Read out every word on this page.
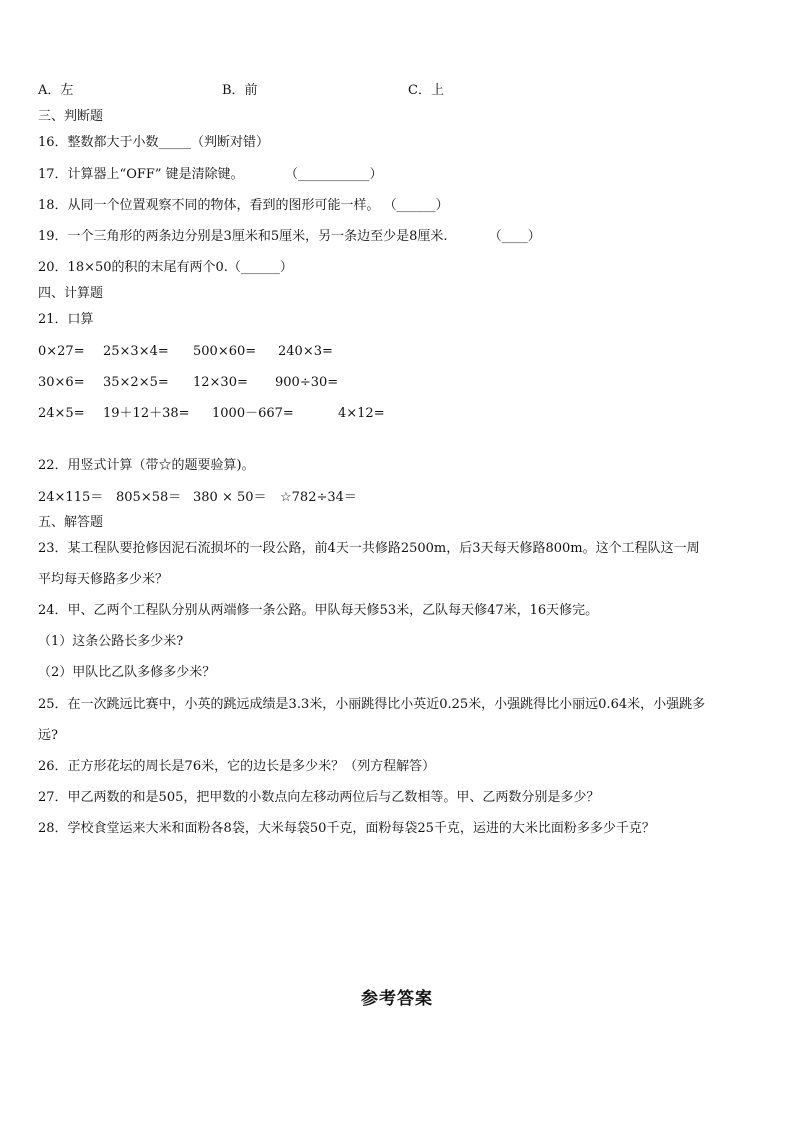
A．左	B．前	C．上
三、判断题
16．整数都大于小数_____（判断对错）
17．计算器上“OFF” 键是清除键。          （___________）
18．从同一个位置观察不同的物体，看到的图形可能一样。 （______）
19．一个三角形的两条边分别是3厘米和5厘米，另一条边至少是8厘米.          （____）
20．18×50的积的末尾有两个0.（______）
四、计算题
21．口算
0×27= 25×3×4= 500×60= 240×3=
30×6= 35×2×5= 12×30= 900÷30=
24×5= 19＋12＋38= 1000－667=	4×12=
22．用竖式计算（带☆的题要验算)。
24×115＝ 805×58＝ 380 × 50＝ ☆782÷34＝
五、解答题
23．某工程队要抢修因泥石流损坏的一段公路，前4天一共修路2500m，后3天每天修路800m。这个工程队这一周
平均每天修路多少米？
24．甲、乙两个工程队分别从两端修一条公路。甲队每天修53米，乙队每天修47米，16天修完。
（1）这条公路长多少米?
（2）甲队比乙队多修多少米？
25．在一次跳远比赛中，小英的跳远成绩是3.3米，小丽跳得比小英近0.25米，小强跳得比小丽远0.64米，小强跳多
远?
26．正方形花坛的周长是76米，它的边长是多少米？（列方程解答）
27．甲乙两数的和是505，把甲数的小数点向左移动两位后与乙数相等。甲、乙两数分别是多少？
28．学校食堂运来大米和面粉各8袋，大米每袋50千克，面粉每袋25千克，运进的大米比面粉多多少千克？
参考答案
